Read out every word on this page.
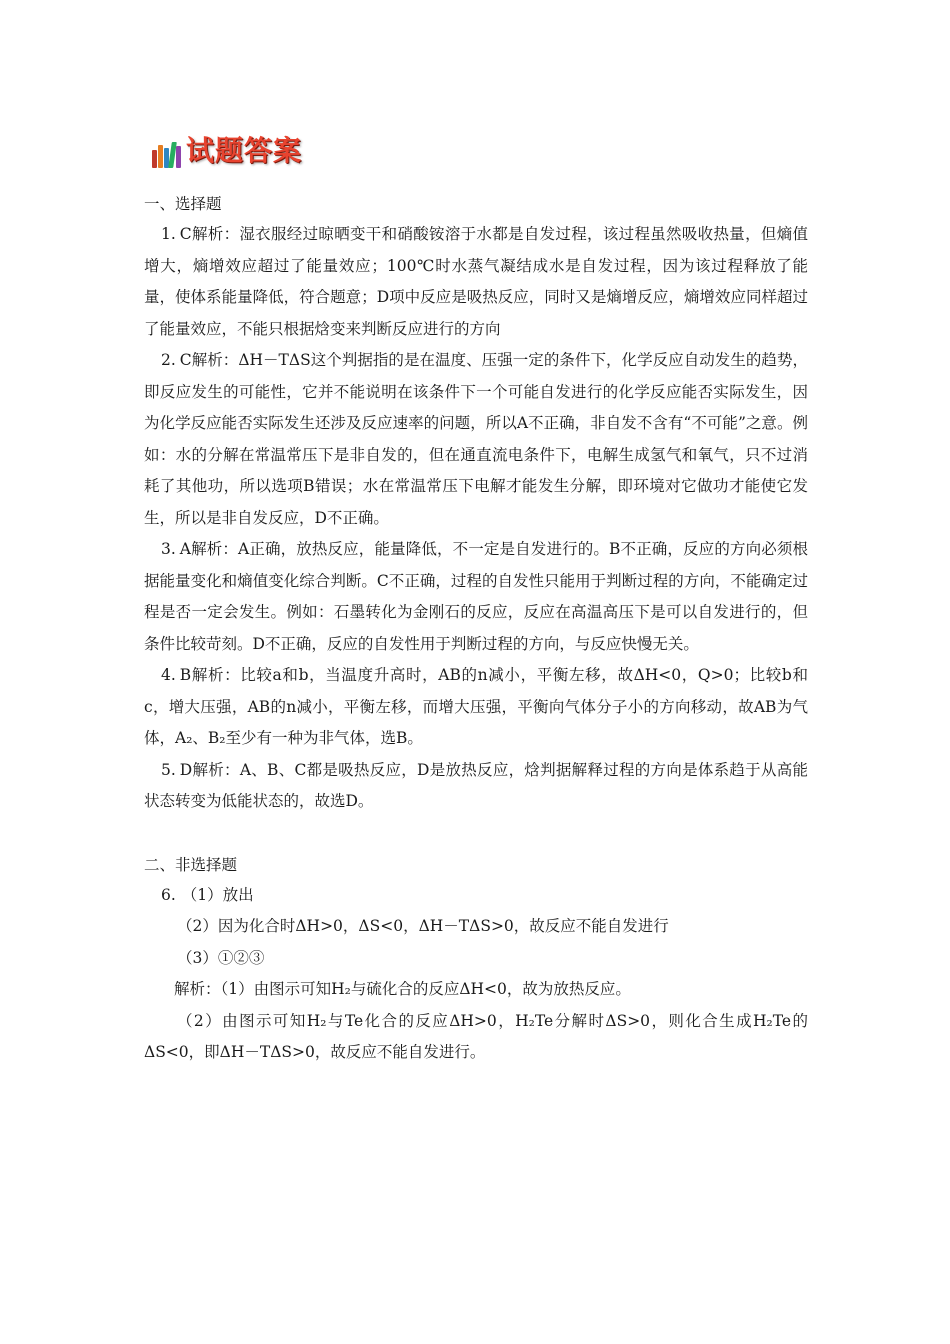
试题答案
一、选择题

1. C解析：湿衣服经过晾晒变干和硝酸铵溶于水都是自发过程，该过程虽然吸收热量，但熵值增大，熵增效应超过了能量效应；100℃时水蒸气凝结成水是自发过程，因为该过程释放了能量，使体系能量降低，符合题意；D项中反应是吸热反应，同时又是熵增反应，熵增效应同样超过了能量效应，不能只根据焓变来判断反应进行的方向

2. C解析：ΔH－TΔS这个判据指的是在温度、压强一定的条件下，化学反应自动发生的趋势，即反应发生的可能性，它并不能说明在该条件下一个可能自发进行的化学反应能否实际发生，因为化学反应能否实际发生还涉及反应速率的问题，所以A不正确，非自发不含有“不可能”之意。例如：水的分解在常温常压下是非自发的，但在通直流电条件下，电解生成氢气和氧气，只不过消耗了其他功，所以选项B错误；水在常温常压下电解才能发生分解，即环境对它做功才能使它发生，所以是非自发反应，D不正确。

3. A解析：A正确，放热反应，能量降低，不一定是自发进行的。B不正确，反应的方向必须根据能量变化和熵值变化综合判断。C不正确，过程的自发性只能用于判断过程的方向，不能确定过程是否一定会发生。例如：石墨转化为金刚石的反应，反应在高温高压下是可以自发进行的，但条件比较苛刻。D不正确，反应的自发性用于判断过程的方向，与反应快慢无关。

4. B解析：比较a和b，当温度升高时，AB的n减小，平衡左移，故ΔH<0，Q>0；比较b和c，增大压强，AB的n减小，平衡左移，而增大压强，平衡向气体分子小的方向移动，故AB为气体，A₂、B₂至少有一种为非气体，选B。

5. D解析：A、B、C都是吸热反应，D是放热反应，焓判据解释过程的方向是体系趋于从高能状态转变为低能状态的，故选D。

二、非选择题

6. （1）放出

（2）因为化合时ΔH>0，ΔS<0，ΔH－TΔS>0，故反应不能自发进行

（3）①②③

解析：（1）由图示可知H₂与硫化合的反应ΔH<0，故为放热反应。

（2）由图示可知H₂与Te化合的反应ΔH>0，H₂Te分解时ΔS>0，则化合生成H₂Te的ΔS<0，即ΔH－TΔS>0，故反应不能自发进行。
